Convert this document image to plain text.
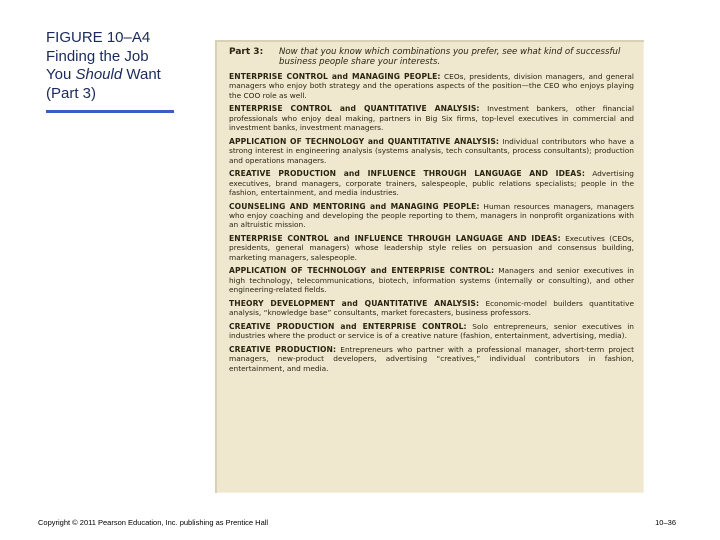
FIGURE 10–A4
Finding the Job
You Should Want
(Part 3)
Part 3:	Now that you know which combinations you prefer, see what kind of successful business people share your interests.
ENTERPRISE CONTROL and MANAGING PEOPLE: CEOs, presidents, division managers, and general managers who enjoy both strategy and the operations aspects of the position—the CEO who enjoys playing the COO role as well.
ENTERPRISE CONTROL and QUANTITATIVE ANALYSIS: Investment bankers, other financial professionals who enjoy deal making, partners in Big Six firms, top-level executives in commercial and investment banks, investment managers.
APPLICATION OF TECHNOLOGY and QUANTITATIVE ANALYSIS: Individual contributors who have a strong interest in engineering analysis (systems analysis, tech consultants, process consultants); production and operations managers.
CREATIVE PRODUCTION and INFLUENCE THROUGH LANGUAGE AND IDEAS: Advertising executives, brand managers, corporate trainers, salespeople, public relations specialists; people in the fashion, entertainment, and media industries.
COUNSELING AND MENTORING and MANAGING PEOPLE: Human resources managers, managers who enjoy coaching and developing the people reporting to them, managers in nonprofit organizations with an altruistic mission.
ENTERPRISE CONTROL and INFLUENCE THROUGH LANGUAGE AND IDEAS: Executives (CEOs, presidents, general managers) whose leadership style relies on persuasion and consensus building, marketing managers, salespeople.
APPLICATION OF TECHNOLOGY and ENTERPRISE CONTROL: Managers and senior executives in high technology, telecommunications, biotech, information systems (internally or consulting), and other engineering-related fields.
THEORY DEVELOPMENT and QUANTITATIVE ANALYSIS: Economic-model builders quantitative analysis, “knowledge base” consultants, market forecasters, business professors.
CREATIVE PRODUCTION and ENTERPRISE CONTROL: Solo entrepreneurs, senior executives in industries where the product or service is of a creative nature (fashion, entertainment, advertising, media).
CREATIVE PRODUCTION: Entrepreneurs who partner with a professional manager, short-term project managers, new-product developers, advertising “creatives,” individual contributors in fashion, entertainment, and media.
Copyright © 2011 Pearson Education, Inc. publishing as Prentice Hall	10–36
